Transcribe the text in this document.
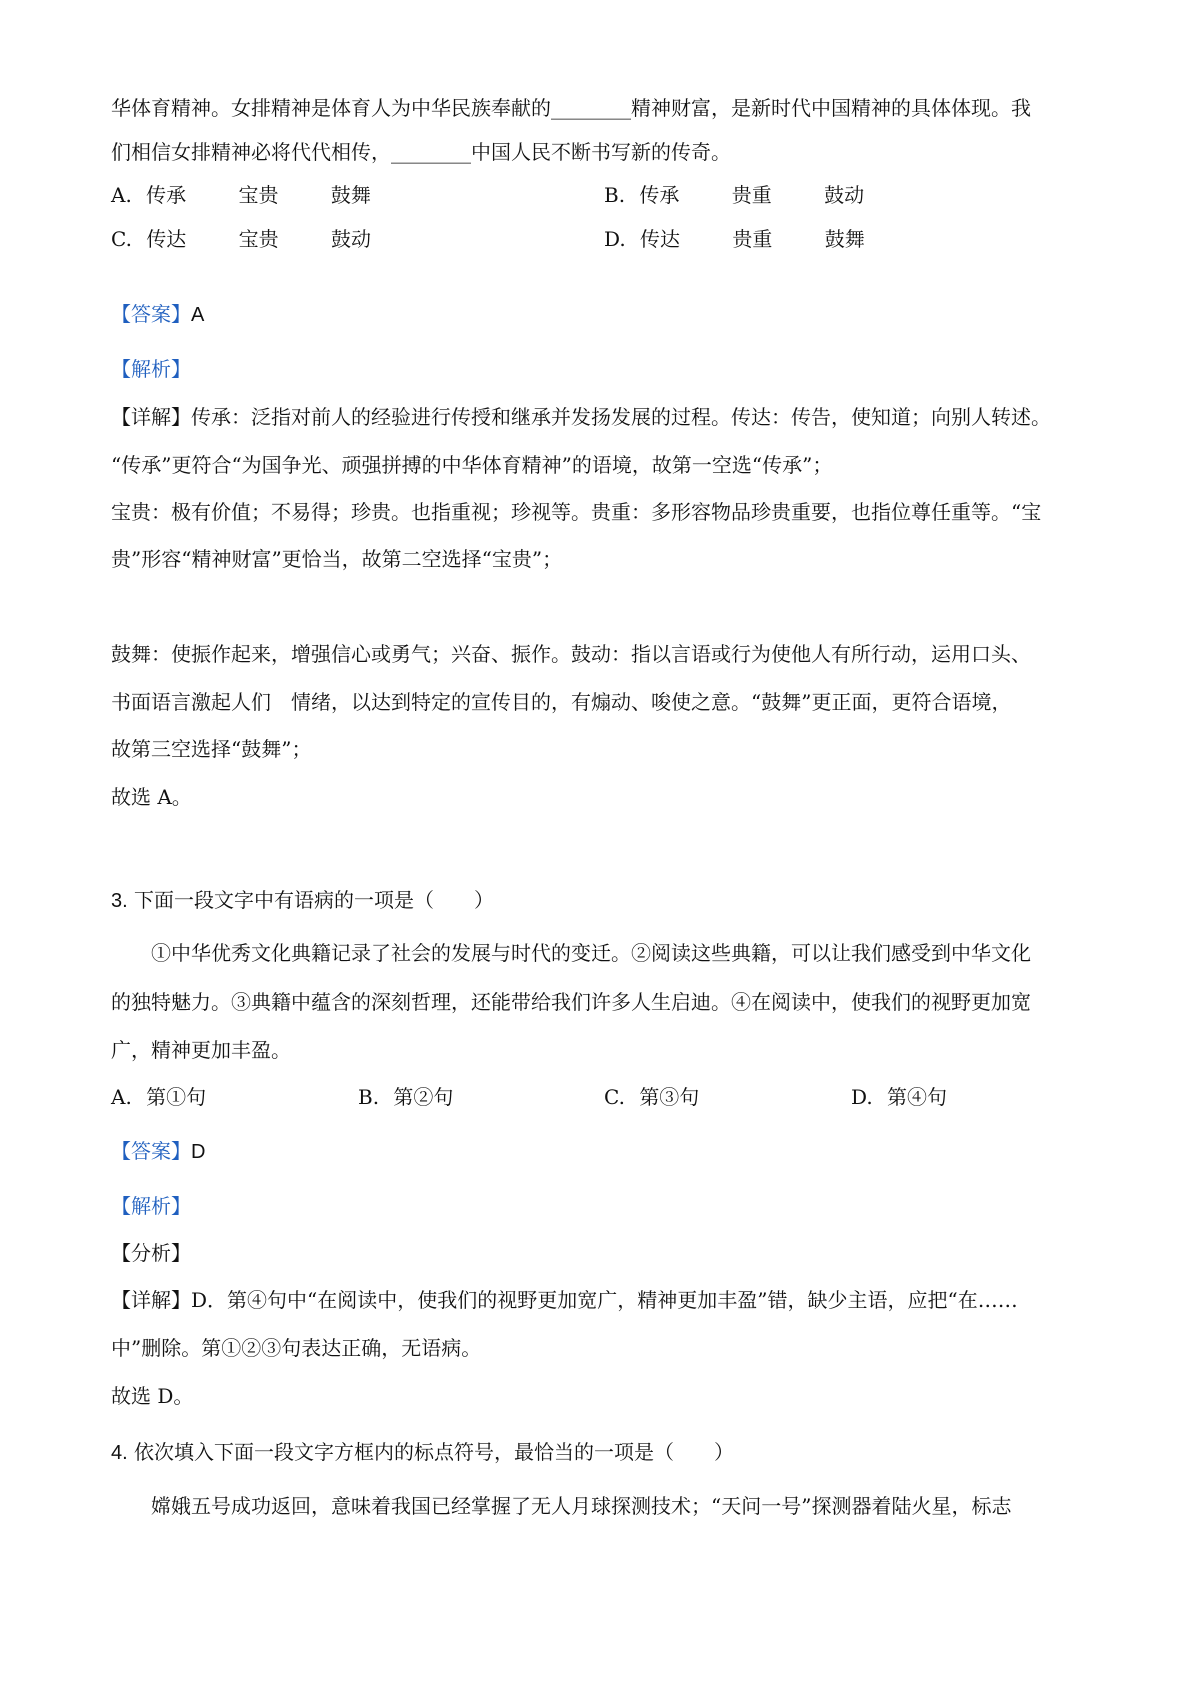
华体育精神。女排精神是体育人为中华民族奉献的________精神财富，是新时代中国精神的具体体现。我
们相信女排精神必将代代相传，________中国人民不断书写新的传奇。
A. 传承	宝贵	鼓舞	B. 传承	贵重	鼓动
C. 传达	宝贵	鼓动	D. 传达	贵重	鼓舞
【答案】A
【解析】
【详解】传承：泛指对前人的经验进行传授和继承并发扬发展的过程。传达：传告，使知道；向别人转述。
“传承”更符合“为国争光、顽强拼搏的中华体育精神”的语境，故第一空选“传承”；
宝贵：极有价值；不易得；珍贵。也指重视；珍视等。贵重：多形容物品珍贵重要，也指位尊任重等。“宝
贵”形容“精神财富”更恰当，故第二空选择“宝贵”；
鼓舞：使振作起来，增强信心或勇气；兴奋、振作。鼓动：指以言语或行为使他人有所行动，运用口头、
书面语言激起人们　情绪，以达到特定的宣传目的，有煽动、唆使之意。“鼓舞”更正面，更符合语境，
故第三空选择“鼓舞”；
故选 A。
3. 下面一段文字中有语病的一项是（　　）
①中华优秀文化典籍记录了社会的发展与时代的变迁。②阅读这些典籍，可以让我们感受到中华文化
的独特魅力。③典籍中蕴含的深刻哲理，还能带给我们许多人生启迪。④在阅读中，使我们的视野更加宽
广，精神更加丰盈。
A. 第①句	B. 第②句	C. 第③句	D. 第④句
【答案】D
【解析】
【分析】
【详解】D．第④句中“在阅读中，使我们的视野更加宽广，精神更加丰盈”错，缺少主语，应把“在……
中”删除。第①②③句表达正确，无语病。
故选 D。
4. 依次填入下面一段文字方框内的标点符号，最恰当的一项是（　　）
嫦娥五号成功返回，意味着我国已经掌握了无人月球探测技术；“天问一号”探测器着陆火星，标志
